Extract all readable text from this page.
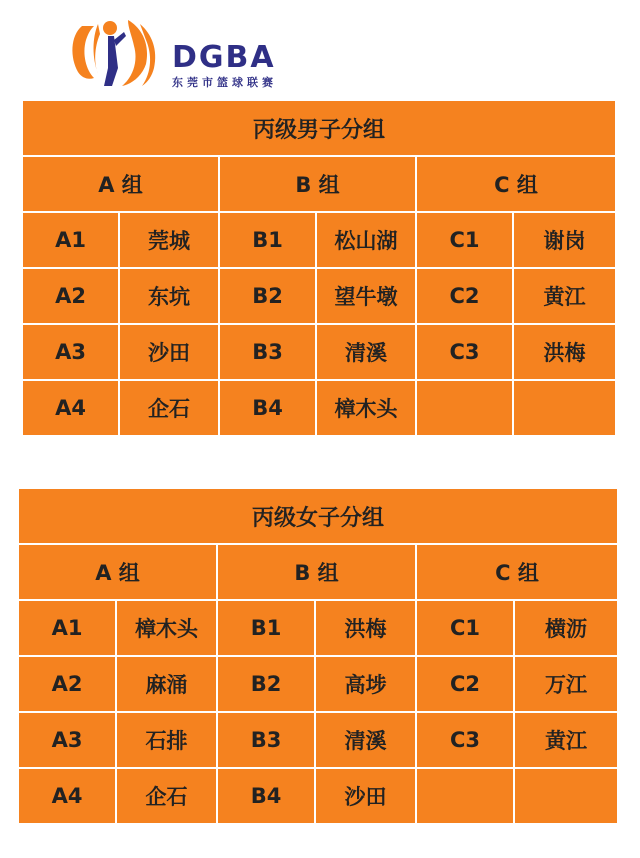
DGBA
东莞市篮球联赛
丙级男子分组					
A 组		B 组		C 组	
A1	莞城	B1	松山湖	C1	谢岗
A2	东坑	B2	望牛墩	C2	黄江
A3	沙田	B3	清溪	C3	洪梅
A4	企石	B4	樟木头		
丙级女子分组					
A 组		B 组		C 组	
A1	樟木头	B1	洪梅	C1	横沥
A2	麻涌	B2	高埗	C2	万江
A3	石排	B3	清溪	C3	黄江
A4	企石	B4	沙田		
